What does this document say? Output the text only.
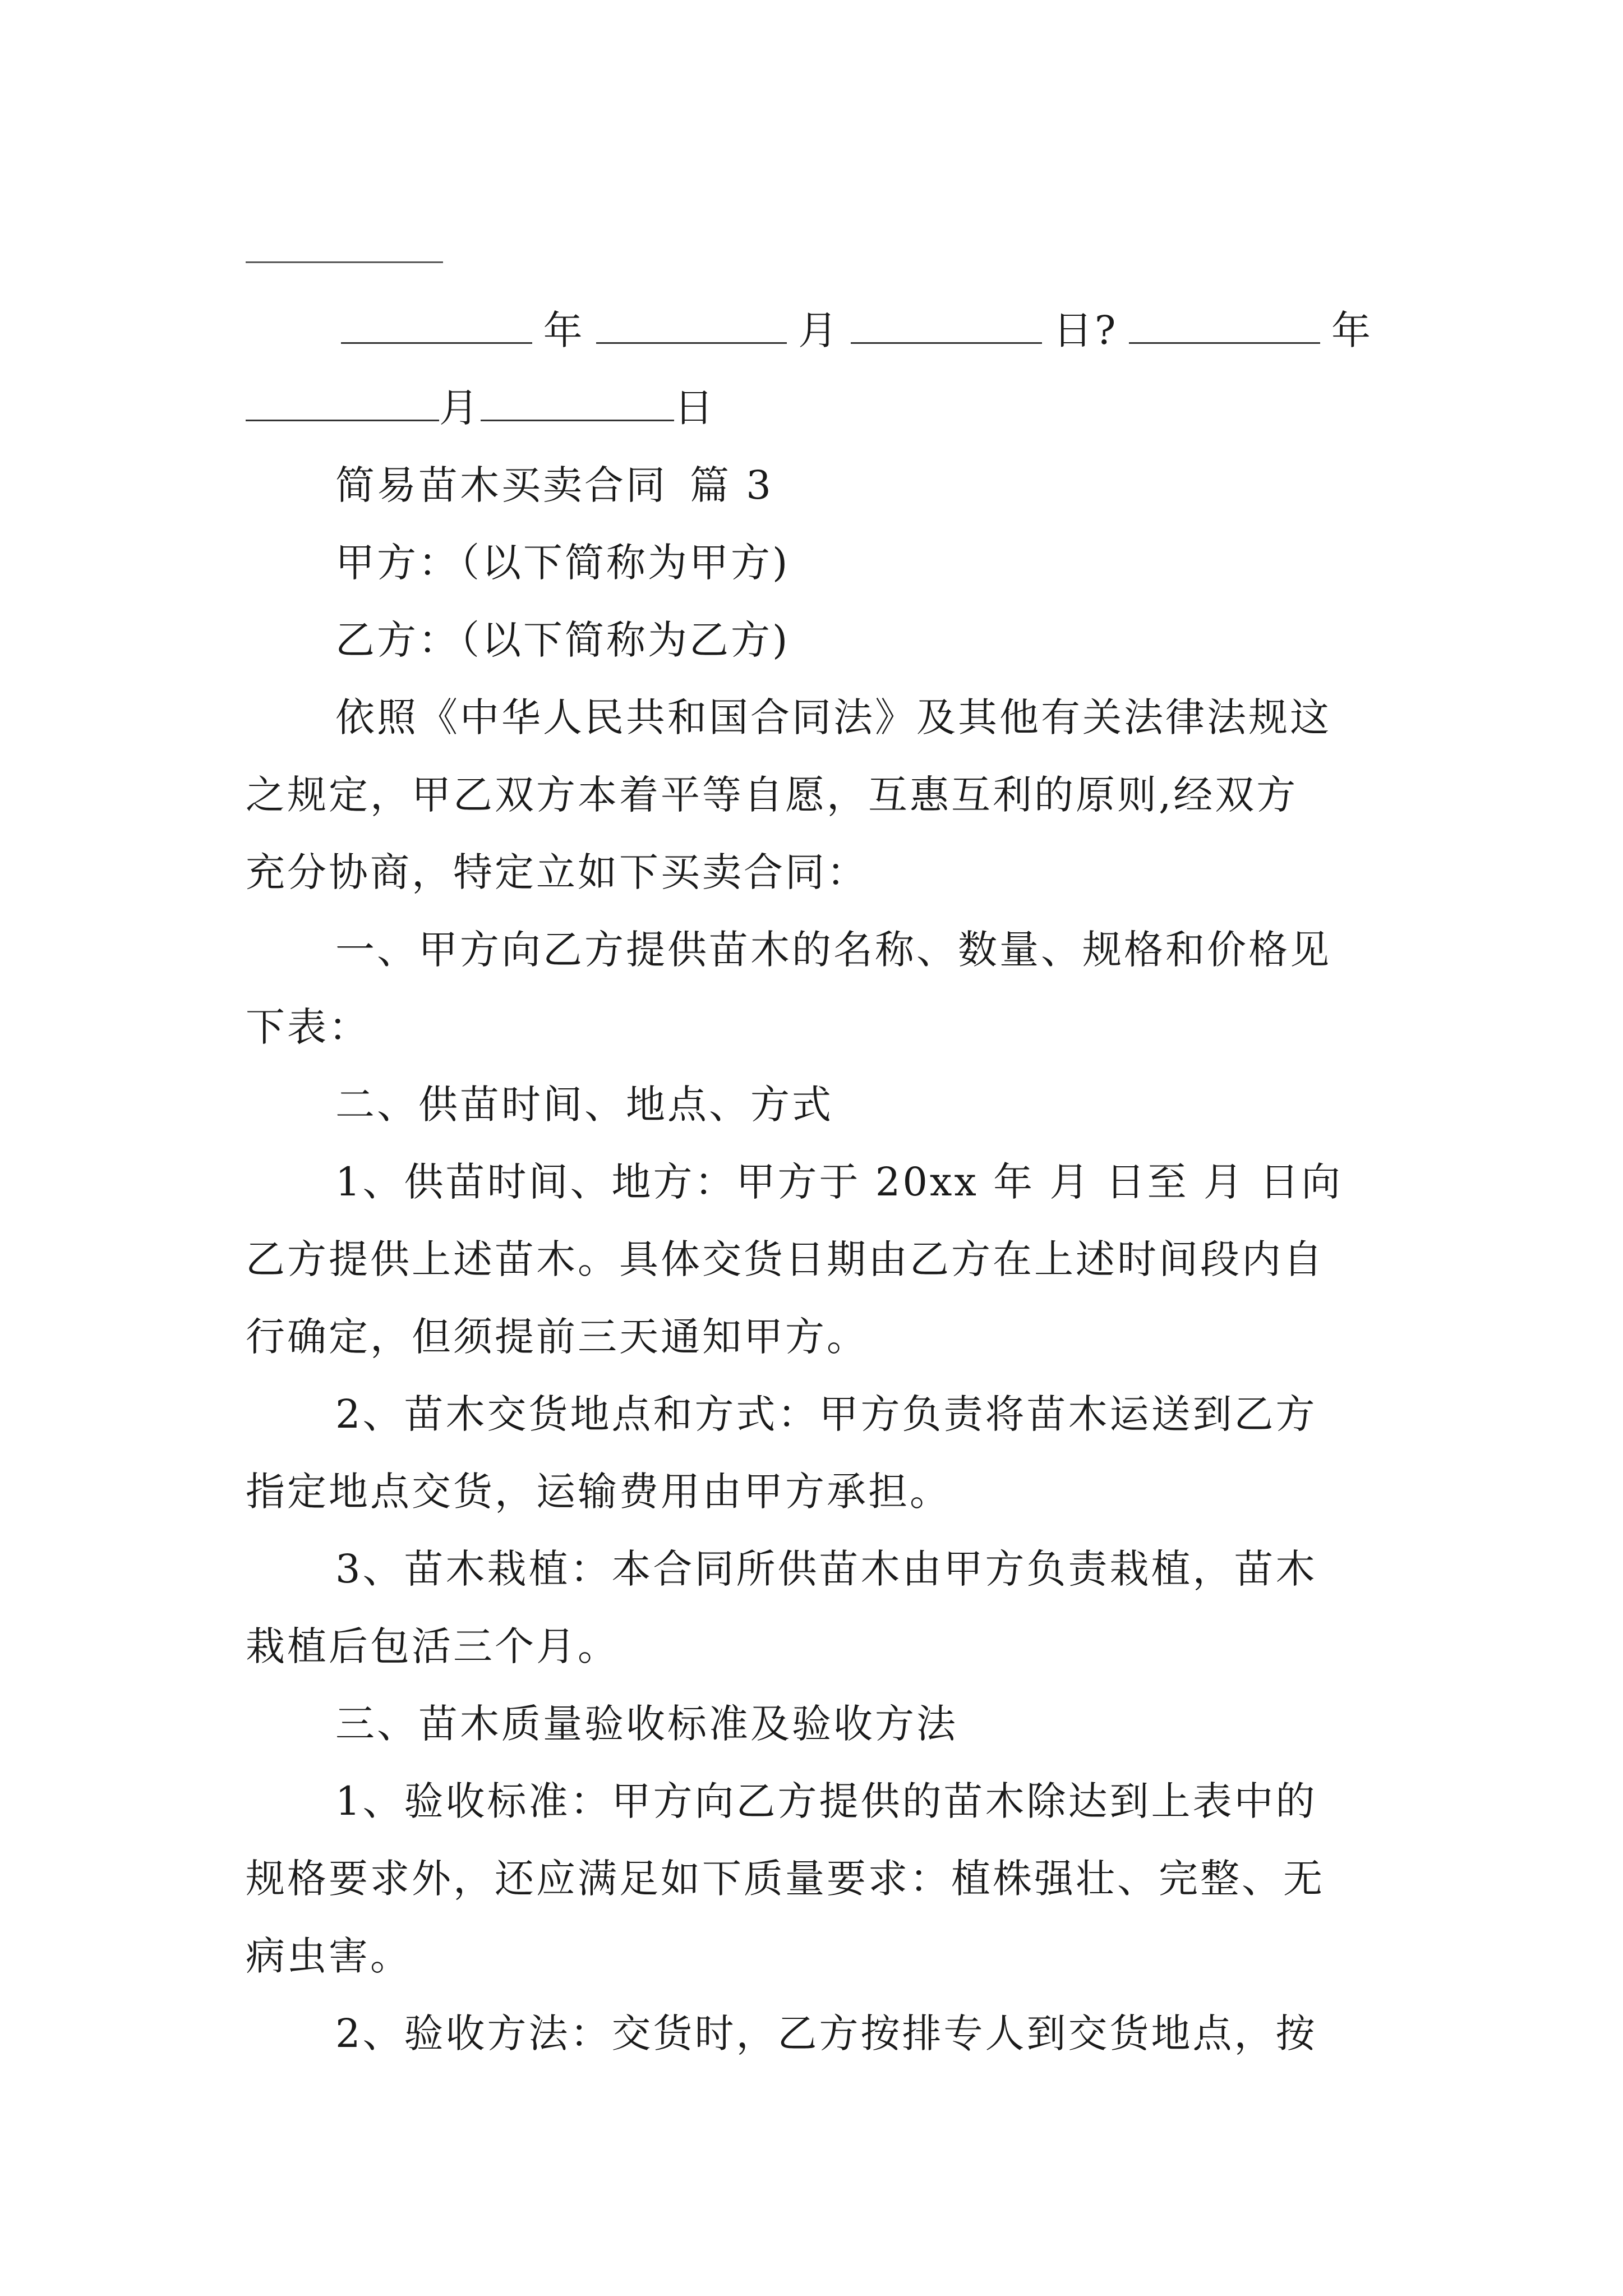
年	月	日?	年
月	日
简易苗木买卖合同 篇 3
甲方：（以下简称为甲方)
乙方：（以下简称为乙方)
依照《中华人民共和国合同法》及其他有关法律法规这
之规定，甲乙双方本着平等自愿，互惠互利的原则,经双方
充分协商，特定立如下买卖合同：
一、甲方向乙方提供苗木的名称、数量、规格和价格见
下表：
二、供苗时间、地点、方式
1、供苗时间、地方：甲方于 20xx 年 月 日至 月 日向
乙方提供上述苗木。具体交货日期由乙方在上述时间段内自
行确定，但须提前三天通知甲方。
2、苗木交货地点和方式：甲方负责将苗木运送到乙方
指定地点交货，运输费用由甲方承担。
3、苗木栽植：本合同所供苗木由甲方负责栽植，苗木
栽植后包活三个月。
三、苗木质量验收标准及验收方法
1、验收标准：甲方向乙方提供的苗木除达到上表中的
规格要求外，还应满足如下质量要求：植株强壮、完整、无
病虫害。
2、验收方法：交货时，乙方按排专人到交货地点，按
